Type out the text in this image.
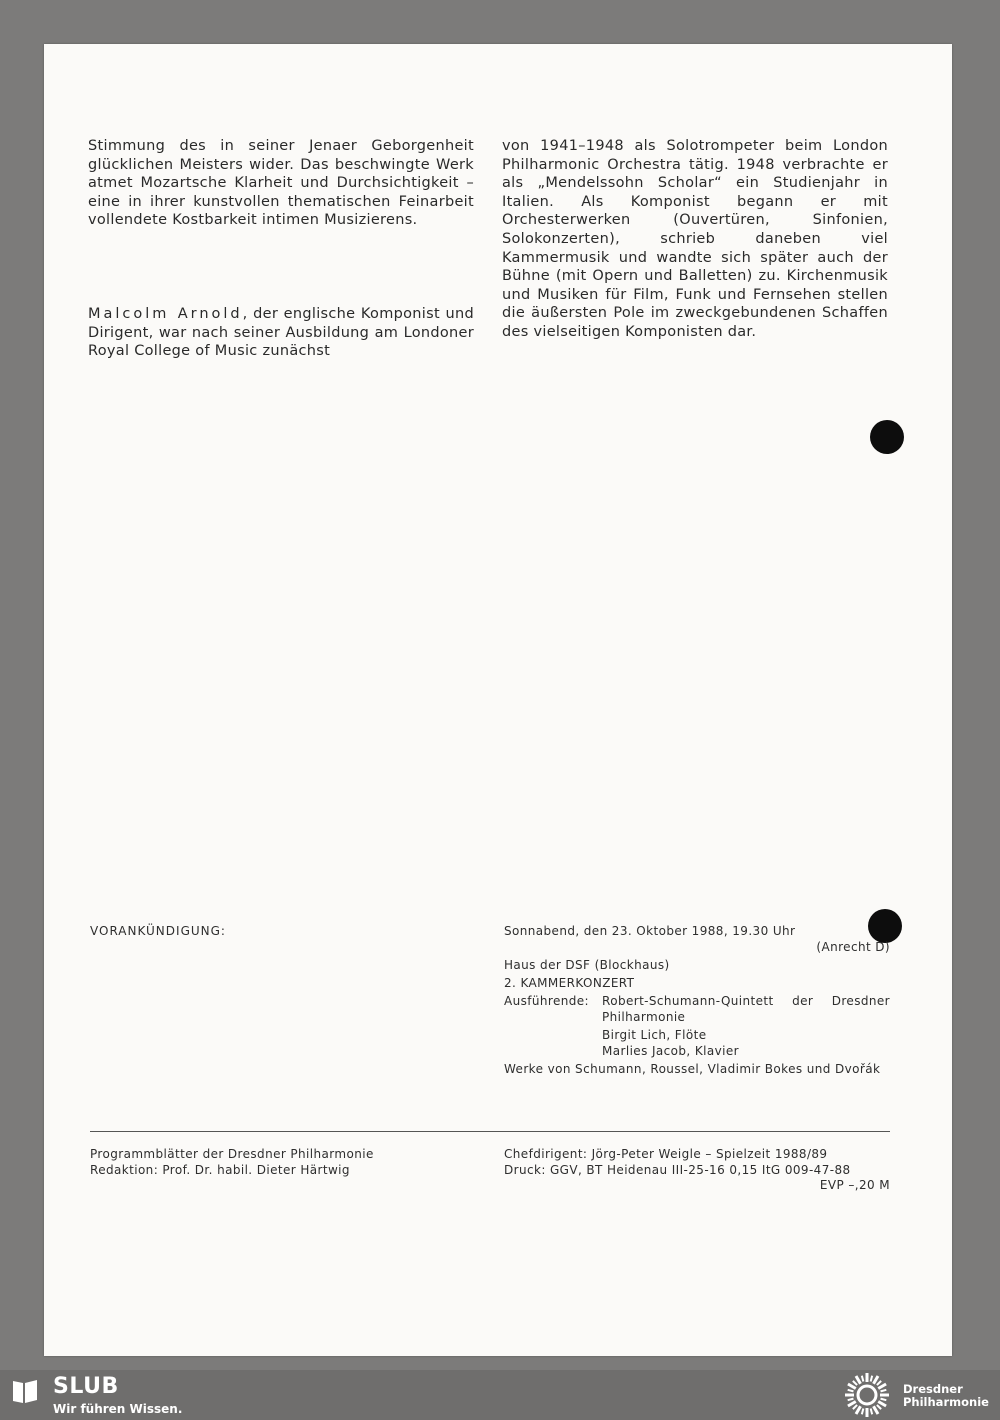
Stimmung des in seiner Jenaer Geborgenheit glücklichen Meisters wider. Das beschwingte Werk atmet Mozartsche Klarheit und Durchsichtigkeit – eine in ihrer kunstvollen thematischen Feinarbeit vollendete Kostbarkeit intimen Musizierens.

Malcolm Arnold, der englische Komponist und Dirigent, war nach seiner Ausbildung am Londoner Royal College of Music zunächst

von 1941–1948 als Solotrompeter beim London Philharmonic Orchestra tätig. 1948 verbrachte er als „Mendelssohn Scholar“ ein Studienjahr in Italien. Als Komponist begann er mit Orchesterwerken (Ouvertüren, Sinfonien, Solokonzerten), schrieb daneben viel Kammermusik und wandte sich später auch der Bühne (mit Opern und Balletten) zu. Kirchenmusik und Musiken für Film, Funk und Fernsehen stellen die äußersten Pole im zweckgebundenen Schaffen des vielseitigen Komponisten dar.

VORANKÜNDIGUNG:	Sonnabend, den 23. Oktober 1988, 19.30 Uhr

(Anrecht D)

Haus der DSF (Blockhaus)

2. KAMMERKONZERT

Ausführende:	Robert-Schumann-Quintett der Dresdner

Philharmonie

Birgit Lich, Flöte

Marlies Jacob, Klavier

Werke von Schumann, Roussel, Vladimir Bokes und Dvořák

Programmblätter der Dresdner Philharmonie

Redaktion: Prof. Dr. habil. Dieter Härtwig

Chefdirigent: Jörg-Peter Weigle – Spielzeit 1988/89

Druck: GGV, BT Heidenau III-25-16 0,15 ItG 009-47-88

EVP –,20 M

SLUB
Wir führen Wissen.
Dresdner
Philharmonie
